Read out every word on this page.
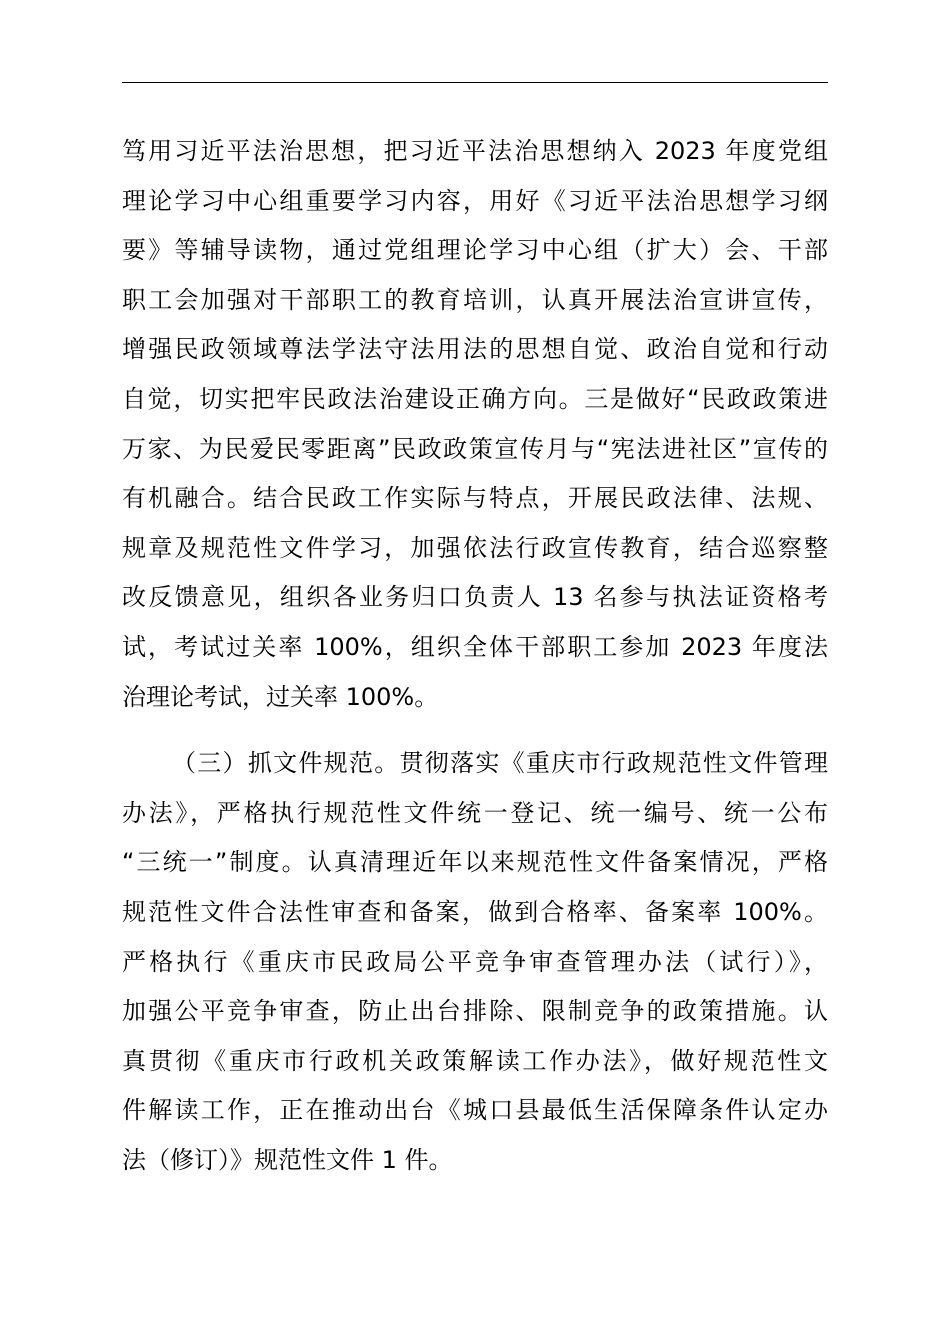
笃用习近平法治思想，把习近平法治思想纳入 2023 年度党组
理论学习中心组重要学习内容，用好《习近平法治思想学习纲
要》等辅导读物，通过党组理论学习中心组（扩大）会、干部
职工会加强对干部职工的教育培训，认真开展法治宣讲宣传，
增强民政领域尊法学法守法用法的思想自觉、政治自觉和行动
自觉，切实把牢民政法治建设正确方向。三是做好“民政政策进
万家、为民爱民零距离”民政政策宣传月与“宪法进社区”宣传的
有机融合。结合民政工作实际与特点，开展民政法律、法规、
规章及规范性文件学习，加强依法行政宣传教育，结合巡察整
改反馈意见，组织各业务归口负责人 13 名参与执法证资格考
试，考试过关率 100%，组织全体干部职工参加 2023 年度法
治理论考试，过关率 100%。
（三）抓文件规范。贯彻落实《重庆市行政规范性文件管理
办法》，严格执行规范性文件统一登记、统一编号、统一公布
“三统一”制度。认真清理近年以来规范性文件备案情况，严格
规范性文件合法性审查和备案，做到合格率、备案率 100%。
严格执行《重庆市民政局公平竞争审查管理办法（试行）》，
加强公平竞争审查，防止出台排除、限制竞争的政策措施。认
真贯彻《重庆市行政机关政策解读工作办法》，做好规范性文
件解读工作，正在推动出台《城口县最低生活保障条件认定办
法（修订）》规范性文件 1 件。
